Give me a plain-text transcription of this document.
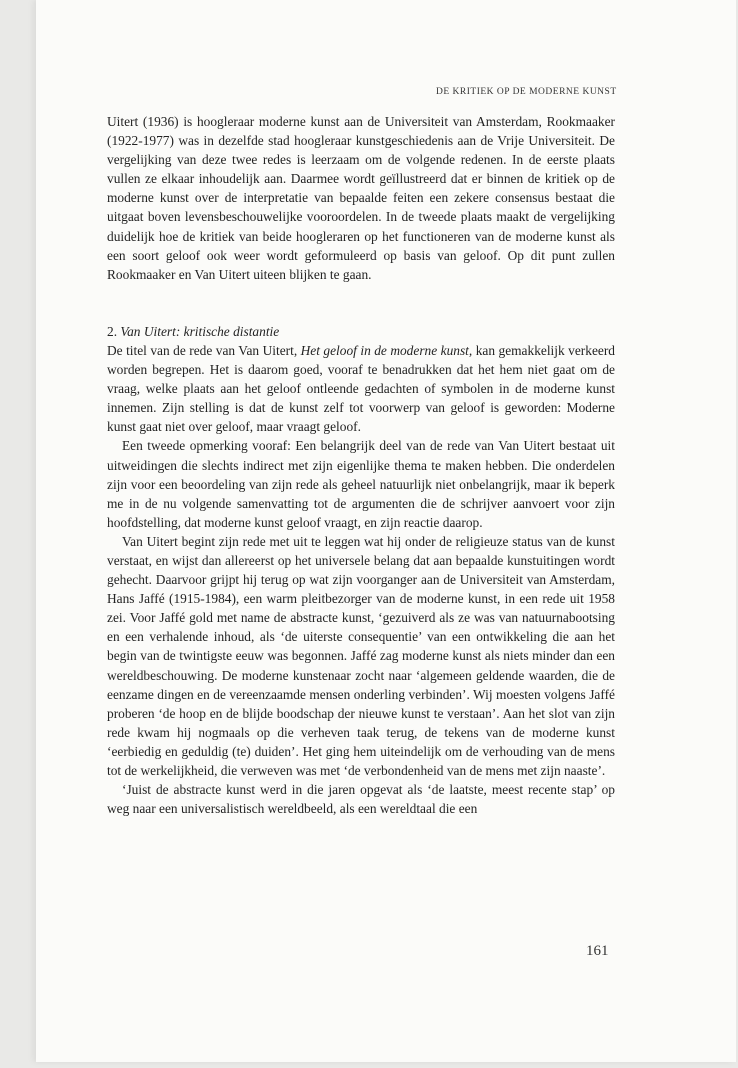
DE KRITIEK OP DE MODERNE KUNST

Uitert (1936) is hoogleraar moderne kunst aan de Universiteit van Amsterdam, Rookmaaker (1922-1977) was in dezelfde stad hoogleraar kunstgeschiedenis aan de Vrije Universiteit. De vergelijking van deze twee redes is leerzaam om de volgende redenen. In de eerste plaats vullen ze elkaar inhoudelijk aan. Daarmee wordt geïllustreerd dat er binnen de kritiek op de moderne kunst over de interpretatie van bepaalde feiten een zekere consensus bestaat die uitgaat boven levensbeschouwelijke vooroordelen. In de tweede plaats maakt de vergelijking duidelijk hoe de kritiek van beide hoogleraren op het functioneren van de moderne kunst als een soort geloof ook weer wordt geformuleerd op basis van geloof. Op dit punt zullen Rookmaaker en Van Uitert uiteen blijken te gaan.

2. Van Uitert: kritische distantie

De titel van de rede van Van Uitert, Het geloof in de moderne kunst, kan gemakkelijk verkeerd worden begrepen. Het is daarom goed, vooraf te benadrukken dat het hem niet gaat om de vraag, welke plaats aan het geloof ontleende gedachten of symbolen in de moderne kunst innemen. Zijn stelling is dat de kunst zelf tot voorwerp van geloof is geworden: Moderne kunst gaat niet over geloof, maar vraagt geloof.

Een tweede opmerking vooraf: Een belangrijk deel van de rede van Van Uitert bestaat uit uitweidingen die slechts indirect met zijn eigenlijke thema te maken hebben. Die onderdelen zijn voor een beoordeling van zijn rede als geheel natuurlijk niet onbelangrijk, maar ik beperk me in de nu volgende samenvatting tot de argumenten die de schrijver aanvoert voor zijn hoofdstelling, dat moderne kunst geloof vraagt, en zijn reactie daarop.

Van Uitert begint zijn rede met uit te leggen wat hij onder de religieuze status van de kunst verstaat, en wijst dan allereerst op het universele belang dat aan bepaalde kunstuitingen wordt gehecht. Daarvoor grijpt hij terug op wat zijn voorganger aan de Universiteit van Amsterdam, Hans Jaffé (1915-1984), een warm pleitbezorger van de moderne kunst, in een rede uit 1958 zei. Voor Jaffé gold met name de abstracte kunst, ‘gezuiverd als ze was van natuurnabootsing en een verhalende inhoud, als ‘de uiterste consequentie’ van een ontwikkeling die aan het begin van de twintigste eeuw was begonnen. Jaffé zag moderne kunst als niets minder dan een wereldbeschouwing. De moderne kunstenaar zocht naar ‘algemeen geldende waarden, die de eenzame dingen en de vereenzaamde mensen onderling verbinden’. Wij moesten volgens Jaffé proberen ‘de hoop en de blijde boodschap der nieuwe kunst te verstaan’. Aan het slot van zijn rede kwam hij nogmaals op die verheven taak terug, de tekens van de moderne kunst ‘eerbiedig en geduldig (te) duiden’. Het ging hem uiteindelijk om de verhouding van de mens tot de werkelijkheid, die verweven was met ‘de verbondenheid van de mens met zijn naaste’.

‘Juist de abstracte kunst werd in die jaren opgevat als ‘de laatste, meest recente stap’ op weg naar een universalistisch wereldbeeld, als een wereldtaal die een

161
